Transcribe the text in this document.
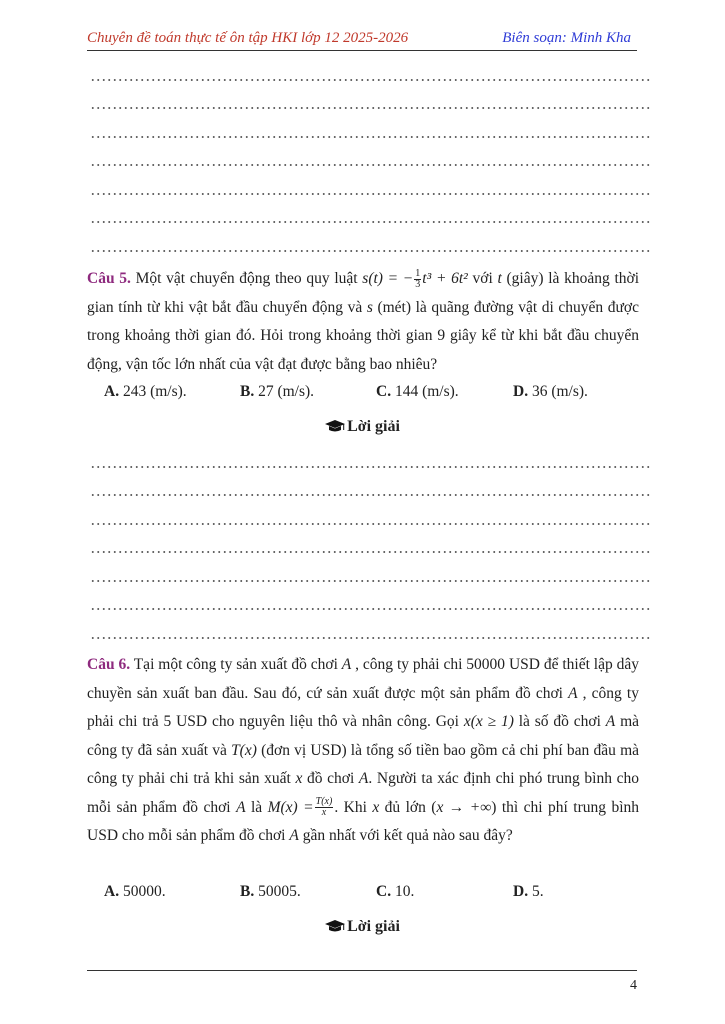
Chuyên đề toán thực tế ôn tập HKI lớp 12 2025-2026	Biên soạn: Minh Kha

Câu 5. Một vật chuyển động theo quy luật s(t) = − $\frac{1}{3} t^3 + 6t^2$ với t (giây) là khoảng thời gian tính từ khi vật bắt đầu chuyển động và s (mét) là quãng đường vật di chuyển được trong khoảng thời gian đó. Hỏi trong khoảng thời gian 9 giây kể từ khi bắt đầu chuyển động, vận tốc lớn nhất của vật đạt được bằng bao nhiêu?

A. 243 (m/s).	B. 27 (m/s).	C. 144 (m/s).	D. 36 (m/s).
Lời giải

Câu 6. Tại một công ty sản xuất đồ chơi A , công ty phải chi 50000 USD để thiết lập dây chuyền sản xuất ban đầu. Sau đó, cứ sản xuất được một sản phẩm đồ chơi A , công ty phải chi trả 5 USD cho nguyên liệu thô và nhân công. Gọi x(x ≥ 1) là số đồ chơi A mà công ty đã sản xuất và T(x) (đơn vị USD) là tổng số tiền bao gồm cả chi phí ban đầu mà công ty phải chi trả khi sản xuất x đồ chơi A. Người ta xác định chi phó trung bình cho mỗi sản phẩm đồ chơi A là $M(x) = \frac{T(x)}{x}$ . Khi x đủ lớn (x → +∞) thì chi phí trung bình USD cho mỗi sản phẩm đồ chơi A gần nhất với kết quả nào sau đây?

A. 50000.	B. 50005.	C. 10.	D. 5.
Lời giải
4
